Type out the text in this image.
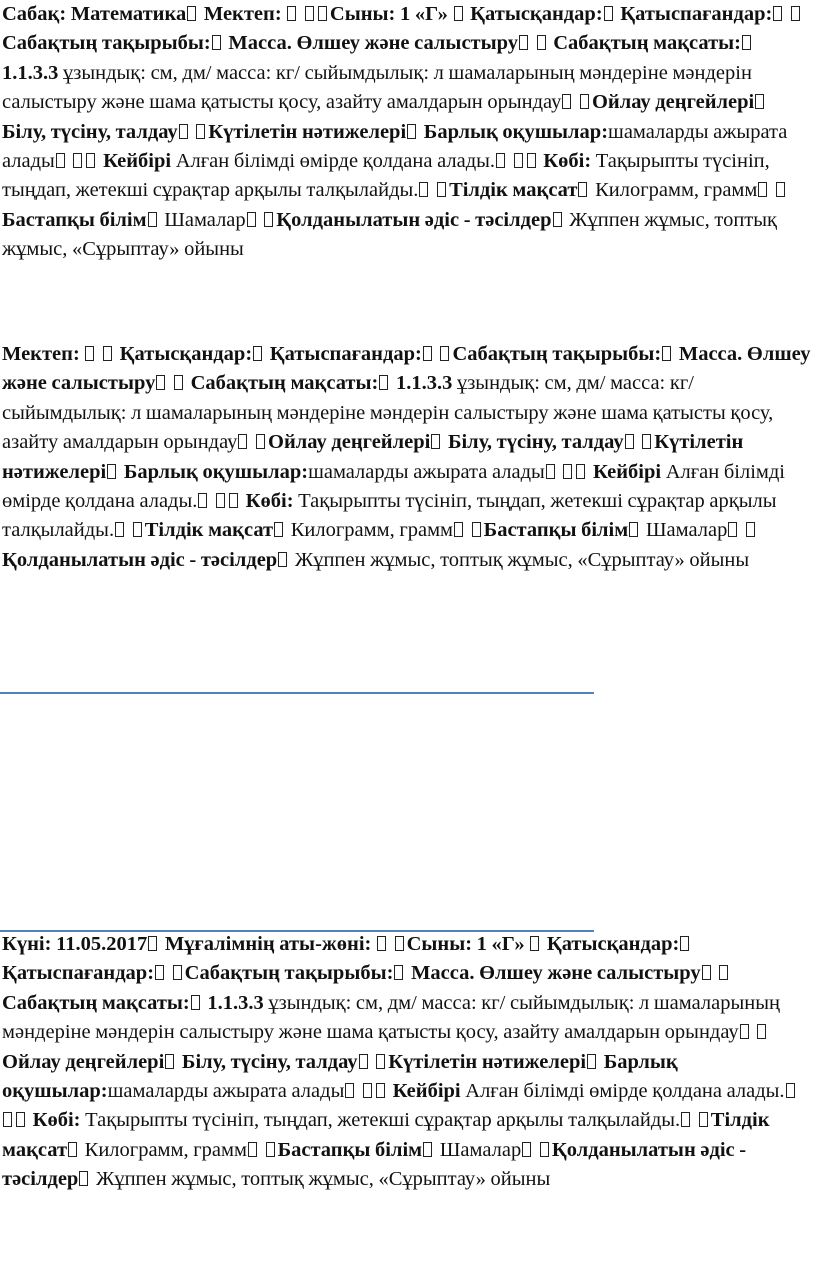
Сабақ: Математика Мектеп: Сыны: 1 «Г» Қатысқандар: Қатыспағандар: Сабақтың тақырыбы: Масса. Өлшеу және салыстыру Сабақтың мақсаты: 1.1.3.3 ұзындық: см, дм/ масса: кг/ сыйымдылық: л шамаларының мәндеріне мәндерін салыстыру және шама қатысты қосу, азайту амалдарын орындау Ойлау деңгейлері Білу, түсіну, талдау Күтілетін нәтижелері Барлық оқушылар:шамаларды ажырата алады Кейбірі Алған білімді өмірде қолдана алады. Көбі: Тақырыпты түсініп, тыңдап, жетекші сұрақтар арқылы талқылайды. Тілдік мақсат Килограмм, грамм Бастапқы білім Шамалар Қолданылатын әдіс - тәсілдер Жұппен жұмыс, топтық жұмыс, «Сұрыптау» ойыны

Мектеп: Қатысқандар: Қатыспағандар: Сабақтың тақырыбы: Масса. Өлшеу және салыстыру Сабақтың мақсаты: 1.1.3.3 ұзындық: см, дм/ масса: кг/ сыйымдылық: л шамаларының мәндеріне мәндерін салыстыру және шама қатысты қосу, азайту амалдарын орындау Ойлау деңгейлері Білу, түсіну, талдау Күтілетін нәтижелері Барлық оқушылар:шамаларды ажырата алады Кейбірі Алған білімді өмірде қолдана алады. Көбі: Тақырыпты түсініп, тыңдап, жетекші сұрақтар арқылы талқылайды. Тілдік мақсат Килограмм, грамм Бастапқы білім Шамалар Қолданылатын әдіс - тәсілдер Жұппен жұмыс, топтық жұмыс, «Сұрыптау» ойыны

Күні: 11.05.2017 Мұғалімнің аты-жөні: Сыны: 1 «Г» Қатысқандар: Қатыспағандар: Сабақтың тақырыбы: Масса. Өлшеу және салыстыру  Сабақтың мақсаты: 1.1.3.3 ұзындық: см, дм/ масса: кг/ сыйымдылық: л шамаларының мәндеріне мәндерін салыстыру және шама қатысты қосу, азайту амалдарын орындау Ойлау деңгейлері Білу, түсіну, талдау Күтілетін нәтижелері Барлық оқушылар:шамаларды ажырата алады Кейбірі Алған білімді өмірде қолдана алады.  Көбі: Тақырыпты түсініп, тыңдап, жетекші сұрақтар арқылы талқылайды. Тілдік мақсат Килограмм, грамм Бастапқы білім Шамалар Қолданылатын әдіс - тәсілдер Жұппен жұмыс, топтық жұмыс, «Сұрыптау» ойыны
